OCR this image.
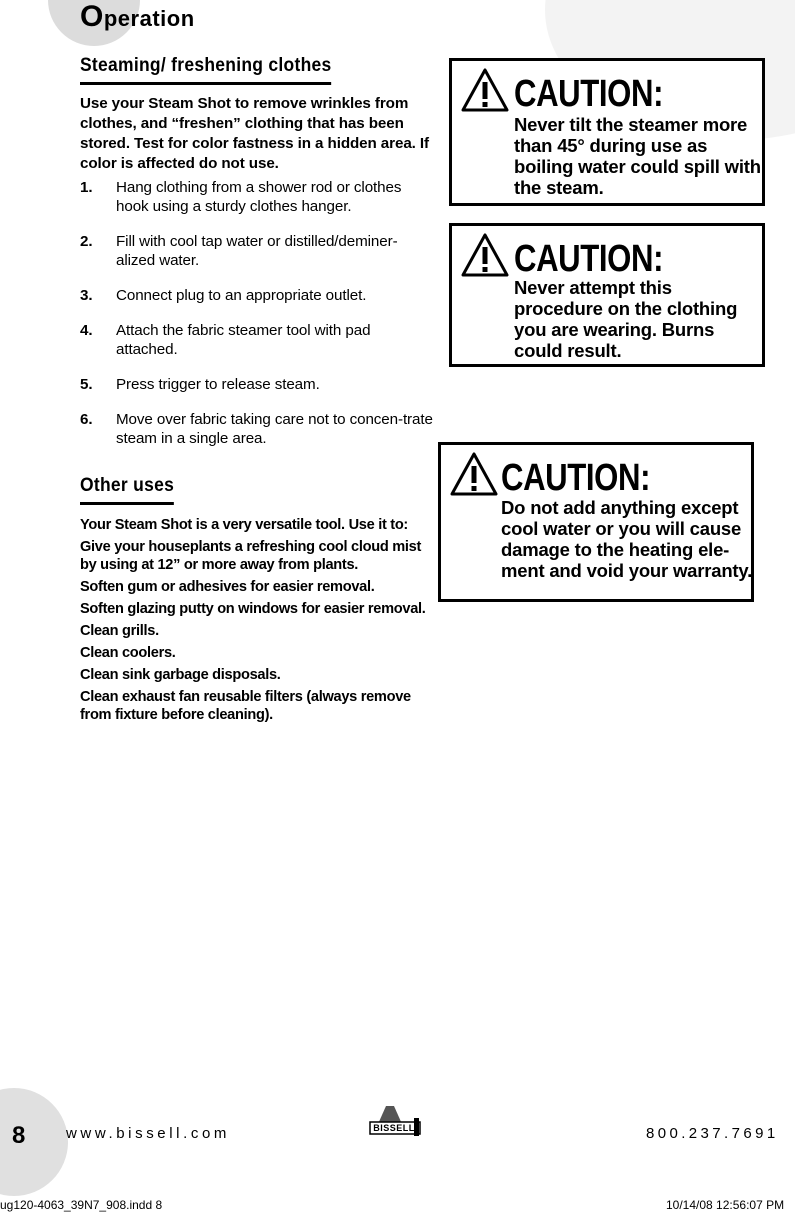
Operation
Steaming/ freshening clothes
Use your Steam Shot to remove wrinkles from clothes, and “freshen” clothing that has been stored. Test for color fastness in a hidden area. If color is affected do not use.
1. Hang clothing from a shower rod or clothes hook using a sturdy clothes hanger.
2. Fill with cool tap water or distilled/deminer-alized water.
3. Connect plug to an appropriate outlet.
4. Attach the fabric steamer tool with pad attached.
5. Press trigger to release steam.
6. Move over fabric taking care not to concen-trate steam in a single area.
Other uses

Your Steam Shot is a very versatile tool. Use it to:

Give your houseplants a refreshing cool cloud mist by using at 12” or more away from plants.

Soften gum or adhesives for easier removal.

Soften glazing putty on windows for easier removal.

Clean grills.

Clean coolers.

Clean sink garbage disposals.

Clean exhaust fan reusable filters (always remove from fixture before cleaning).

CAUTION:
Never tilt the steamer more than 45° during use as boiling water could spill with the steam.
CAUTION:
Never attempt this procedure on the clothing you are wearing. Burns could result.
CAUTION:
Do not add anything except cool water or you will cause damage to the heating ele-ment and void your warranty.
8	www.bissell.com	BISSELL	800.237.7691
ug120-4063_39N7_908.indd 8	10/14/08 12:56:07 PM
